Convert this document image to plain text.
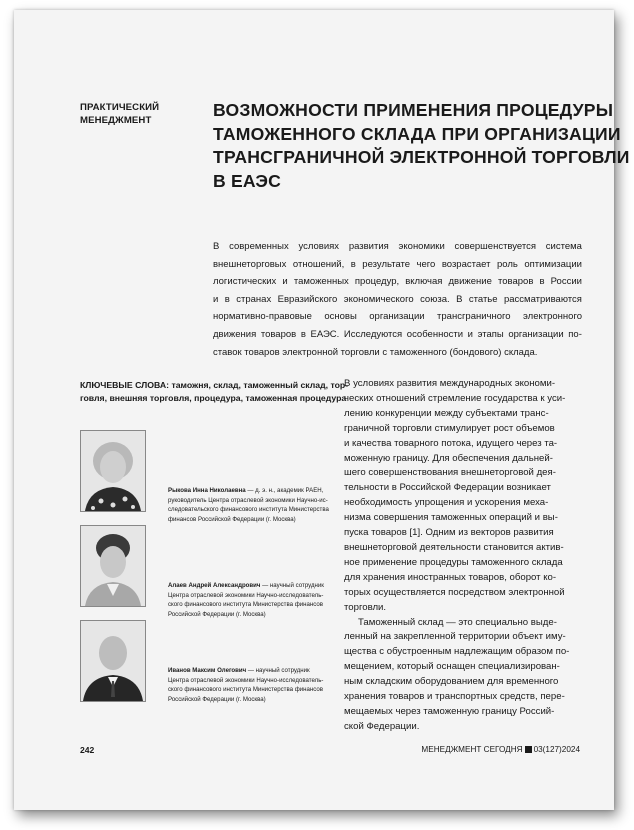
ПРАКТИЧЕСКИЙ
МЕНЕДЖМЕНТ
ВОЗМОЖНОСТИ ПРИМЕНЕНИЯ ПРОЦЕДУРЫ
ТАМОЖЕННОГО СКЛАДА ПРИ ОРГАНИЗАЦИИ
ТРАНСГРАНИЧНОЙ ЭЛЕКТРОННОЙ ТОРГОВЛИ
В ЕАЭС
В современных условиях развития экономики совершенствуется система
внешнеторговых отношений, в результате чего возрастает роль оптимизации
логистических и таможенных процедур, включая движение товаров в России
и в странах Евразийского экономического союза. В статье рассматриваются
нормативно-правовые основы организации трансграничного электронного
движения товаров в ЕАЭС. Исследуются особенности и этапы организации по-
ставок товаров электронной торговли с таможенного (бондового) склада.
КЛЮЧЕВЫЕ СЛОВА: таможня, склад, таможенный склад, тор-
говля, внешняя торговля, процедура, таможенная процедура
Рыкова Инна Николаевна — д. э. н., академик РАЕН,
руководитель Центра отраслевой экономики Научно-ис-
следовательского финансового института Министерства
финансов Российской Федерации (г. Москва)
Алаев Андрей Александрович — научный сотрудник
Центра отраслевой экономики Научно-исследователь-
ского финансового института Министерства финансов
Российской Федерации (г. Москва)
Иванов Максим Олегович — научный сотрудник
Центра отраслевой экономики Научно-исследователь-
ского финансового института Министерства финансов
Российской Федерации (г. Москва)
В условиях развития международных экономи-
ческих отношений стремление государства к уси-
лению конкуренции между субъектами транс-
граничной торговли стимулирует рост объемов
и качества товарного потока, идущего через та-
моженную границу. Для обеспечения дальней-
шего совершенствования внешнеторговой дея-
тельности в Российской Федерации возникает
необходимость упрощения и ускорения меха-
низма совершения таможенных операций и вы-
пуска товаров [1]. Одним из векторов развития
внешнеторговой деятельности становится актив-
ное применение процедуры таможенного склада
для хранения иностранных товаров, оборот ко-
торых осуществляется посредством электронной
торговли.
Таможенный склад — это специально выде-
ленный на закрепленной территории объект иму-
щества с обустроенным надлежащим образом по-
мещением, который оснащен специализирован-
ным складским оборудованием для временного
хранения товаров и транспортных средств, пере-
мещаемых через таможенную границу Россий-
ской Федерации.
242	МЕНЕДЖМЕНТ СЕГОДНЯ 03(127)2024
